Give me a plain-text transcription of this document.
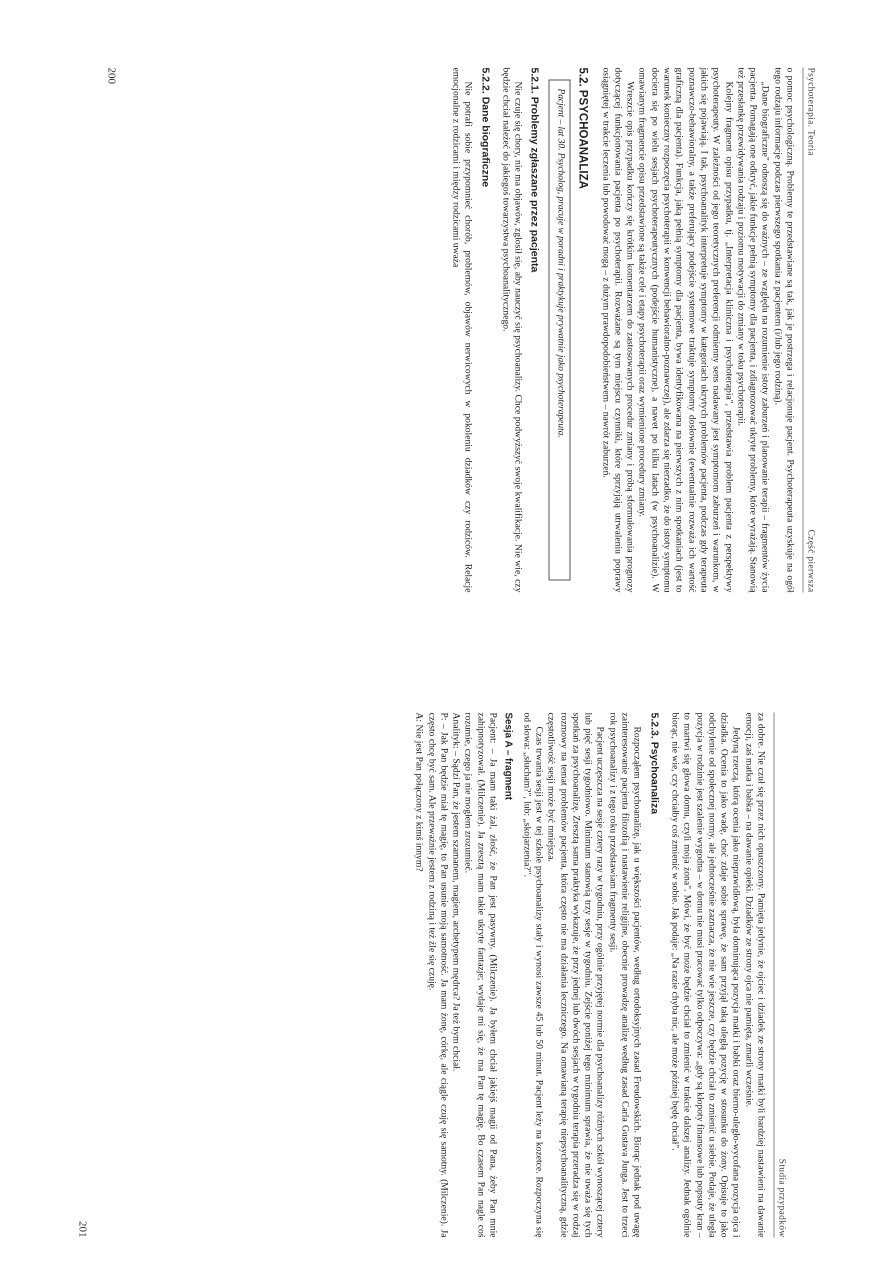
Psychoterapia. Teoria
Część pierwsza

o pomoc psychologiczną. Problemy te przedstawiane są tak, jak je postrzega i relacjonuje pacjent. Psychoterapeuta uzyskuje na ogół tego rodzaju informacje podczas pierwszego spotkania z pacjentem (i/lub jego rodziną).

„Dane biograficzne" odnoszą się do ważnych – ze względu na rozumienie istoty zaburzeń i planowanie terapii – fragmentów życia pacjenta. Pomagają one odkryć, jakie funkcje pełnią symptomy dla pacjenta, i zdiagnozować ukryte problemy, które wyrażają. Stanowią też przesłankę przewidywania rodzaju i poziomu motywacji do zmiany w toku psychoterapii.

Kolejny fragment opisu przypadku, tj. „Interpretacja kliniczna i psychoterapia", przedstawia problem pacjenta z perspektywy psychoterapeuty. W zależności od jego teoretycznych preferencji odmienny sens nadawany jest symptomom zaburzeń i warunkom, w jakich się pojawiają. I tak, psychoanalityk interpretuje symptomy w kategoriach ukrytych problemów pacjenta, podczas gdy terapeuta poznawczo-behawioralny, a także preferujący podejście systemowe traktuje symptomy dosłownie (ewentualnie rozważa ich wartość graficzną dla pacjenta). Funkcja, jaką pełnią symptomy dla pacjenta, bywa identyfikowana na pierwszych z nim spotkaniach (jest to warunek konieczny rozpoczęcia psychoterapii w konwencji behawioralno-poznawczej), ale zdarza się nierzadko, że do istoty symptomu dociera się po wielu sesjach psychoterapeutycznych (podejście humanistyczne), a nawet po kilku latach (w psychoanalizie). W omawianym fragmencie opisu przedstawione są także cele i etapy psychoterapii oraz wymienione procedury zmiany.

Wreszcie opis przypadku kończy się krótkim komentarzem do zastosowanych procedur zmiany i próbą sformułowania prognozy dotyczącej funkcjonowania pacjenta po psychoterapii. Rozważane są tym miejscu czynniki, które sprzyjają utrwaleniu poprawy osiągniętej w trakcie leczenia lub powodować mogą – z dużym prawdopodobieństwem – nawrót zaburzeń.

5.2. PSYCHOANALIZA
Pacjent – lat 30. Psycholog, pracuje w poradni i praktykuje prywatnie jako psychoterapeuta.
5.2.1. Problemy zgłaszane przez pacjenta

Nie czuje się chory, nie ma objawów, zgłosił się, aby nauczyć się psychoanalizy. Chce podwyższyć swoje kwalifikacje. Nie wie, czy będzie chciał należeć do jakiegoś towarzystwa psychoanalitycznego.

5.2.2. Dane biograficzne

Nie potrafi sobie przypomnieć chorób, problemów, objawów nerwicowych w pokoleniu dziadków czy rodziców. Relacje emocjonalne z rodzicami i między rodzicami uważa

200
Studia przypadków

za dobre. Nie czuł się przez nich opuszczony. Pamięta jedynie, że ojciec i dziadek ze strony matki byli bardziej nastawieni na dawanie emocji, zaś matka i babka – na dawanie opieki. Dziadków ze strony ojca nie pamięta, zmarli wcześnie.

Jedyną rzeczą, którą ocenia jako nieprawidłową, była dominująca pozycja matki i babki oraz biernо-uległo-wycofana pozycja ojca i dziadka. Ocenia to jako wadę, choć zdaje sobie sprawę, że sam przyjął taką uległą pozycję w stosunku do żony. Opisuje to jako odchylenie od społecznej normy, ale jednocześnie zaznacza, że nie wie jeszcze, czy będzie chciał to zmienić u siebie. Podaje, że uległa pozycja w rodzinie jest szalenie wygodna – w domu nie musi pracować tylko odpoczywa: „gdy są kłopoty finansowe lub popsuty kran – to martwi się głowa domu, czyli moja żona". Mówi, że być może będzie chciał to zmienić w trakcie dalszej analizy. Jednak ogólnie biorąc, nie wie, czy chciałby coś zmienić w sobie. Jak podaje: „Na razie chyba nic, ale może później będę chciał".

5.2.3. Psychoanaliza

Rozpocząłem psychoanalizę, jak u większości pacjentów, według ortodoksyjnych zasad Freudowskich. Biorąc jednak pod uwagę zainteresowanie pacjenta filozofią i nastawienie religijne, obecnie prowadzę analizę według zasad Carla Gustava Junga. Jest to trzeci rok psychoanalizy i z tego roku przedstawiam fragmenty sesji.

Pacjent uczęszcza na sesje cztery razy w tygodniu, przy ogólnie przyjętej normie dla psychoanalizy różnych szkół wynoszącej cztery lub pięć sesji tygodniowo. Minimum stanowią trzy sesje w tygodniu. Zejście poniżej tego minimum sprawia, że nie uważa się tych spotkań za psychoanalizę. Zresztą sama praktyka wykazuje, że przy jednej lub dwóch sesjach w tygodniu terapia przeradza się w rodzaj rozmowy na temat problemów pacjenta, która często nie ma działania leczniczego. Na omawianą terapię niepsychoanalityczną, gdzie częstotliwość sesji może być mniejsza.

Czas trwania sesji jest w tej szkole psychoanalizy stały i wynosi zawsze 45 lub 50 minut. Pacjent leży na kozetce. Rozpoczyna się od słowa: „słucham?", lub: „skojarzenia?".

Sesja A – fragment

Pacjent: – Ja mam taki żal, złość, że Pan jest pasywny. (Milczenie). Ja byłem chciał jakiejś magii od Pana, żeby Pan mnie zahipnotyzował. (Milczenie). Ja zresztą mam takie ukryte fantazje; wydaje mi się, że ma Pan tę magię. Bo czasem Pan nagle coś rozumie, czego ja nie mogłem zrozumieć.

Analityk: – Sądzi Pan, że jestem szamanem, magiem, archetypem mędrca? Ja też bym chciał.

P: – Jak Pan będzie miał tę magię, to Pan usunie moją samotność. Ja mam żonę, córkę, ale ciągle czuję się samotny. (Milczenie). Ja często chcę być sam. Ale przeważnie jestem z rodziną i też źle się czuję.

A: Nie jest Pan połączony z kimś innym?

201
